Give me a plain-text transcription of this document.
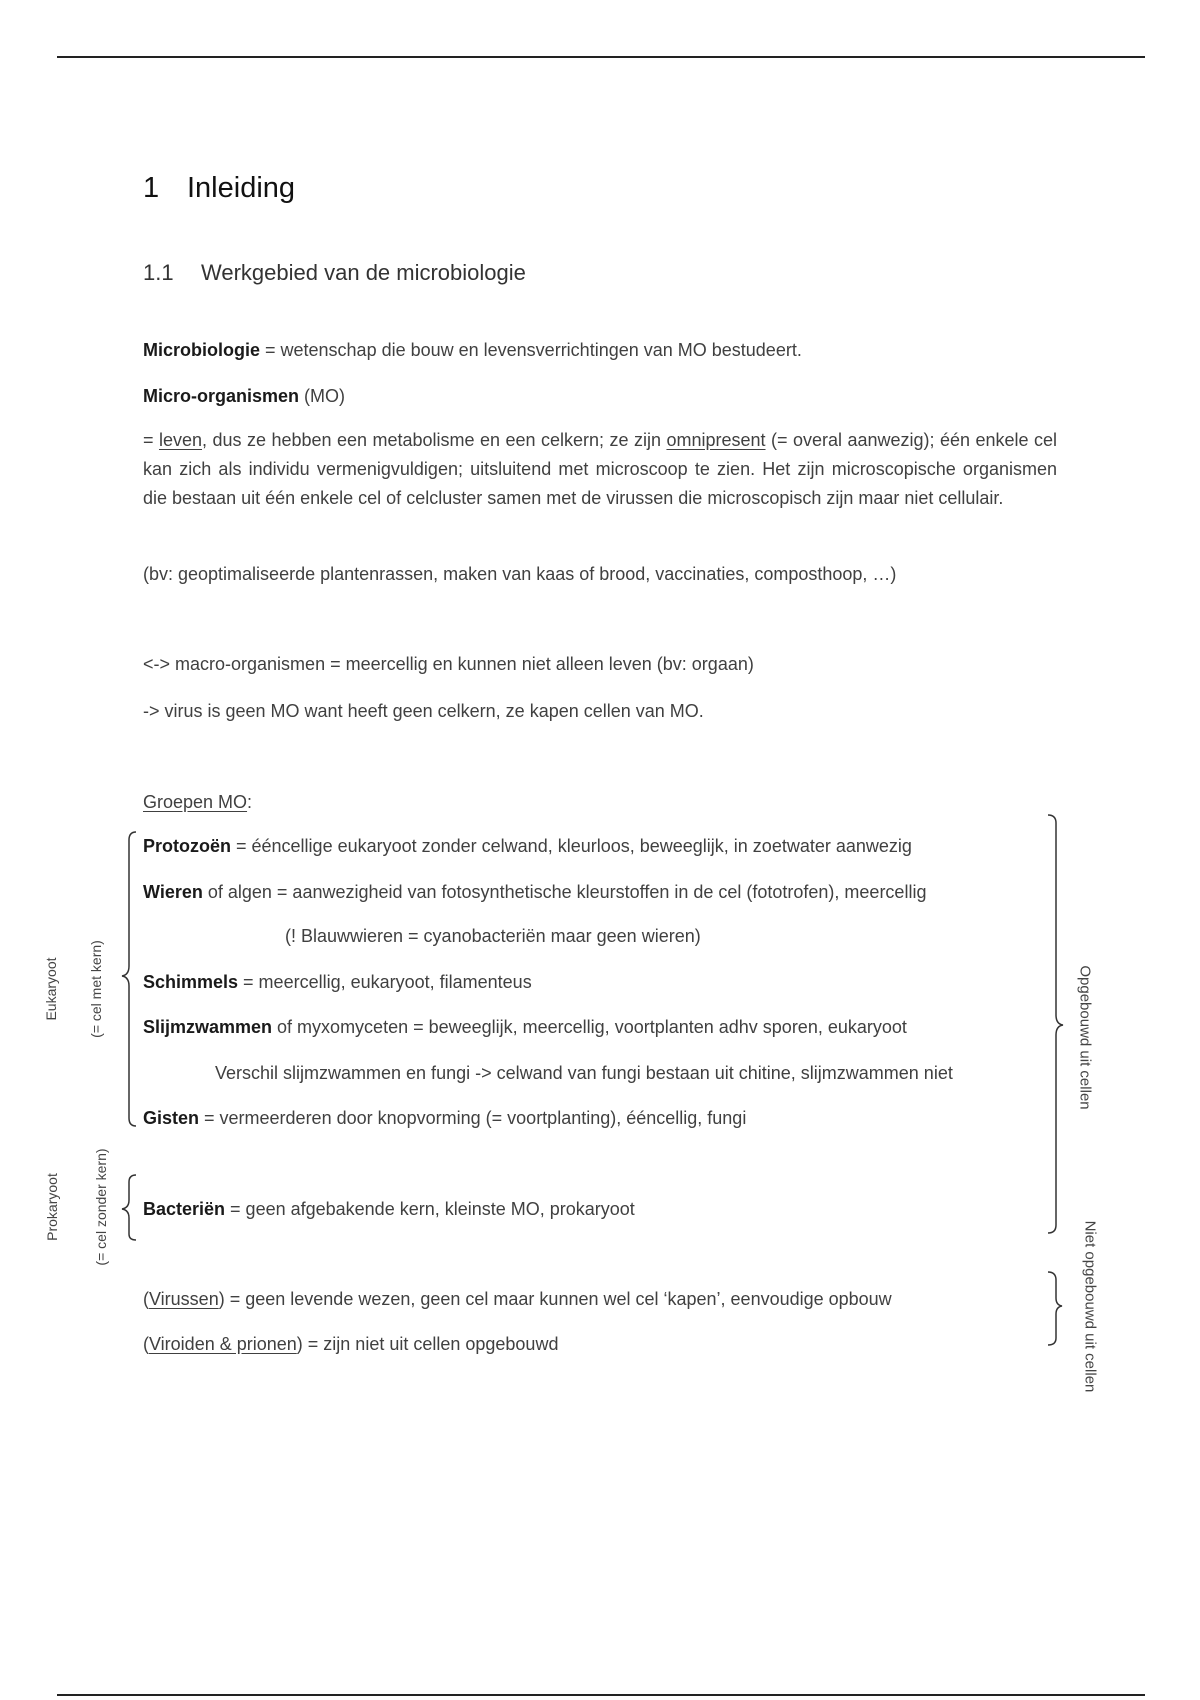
1 Inleiding
1.1 Werkgebied van de microbiologie
Microbiologie = wetenschap die bouw en levensverrichtingen van MO bestudeert.
Micro-organismen (MO)
= leven, dus ze hebben een metabolisme en een celkern; ze zijn omnipresent (= overal aanwezig); één enkele cel kan zich als individu vermenigvuldigen; uitsluitend met microscoop te zien. Het zijn microscopische organismen die bestaan uit één enkele cel of celcluster samen met de virussen die microscopisch zijn maar niet cellulair.
(bv: geoptimaliseerde plantenrassen, maken van kaas of brood, vaccinaties, composthoop, …)
<-> macro-organismen = meercellig en kunnen niet alleen leven (bv: orgaan)
-> virus is geen MO want heeft geen celkern, ze kapen cellen van MO.
Groepen MO:
Protozoën = ééncellige eukaryoot zonder celwand, kleurloos, beweeglijk, in zoetwater aanwezig
Wieren of algen = aanwezigheid van fotosynthetische kleurstoffen in de cel (fototrofen), meercellig
(! Blauwwieren = cyanobacteriën maar geen wieren)
Schimmels = meercellig, eukaryoot, filamenteus
Slijmzwammen of myxomyceten = beweeglijk, meercellig, voortplanten adhv sporen, eukaryoot
Verschil slijmzwammen en fungi -> celwand van fungi bestaan uit chitine, slijmzwammen niet
Gisten = vermeerderen door knopvorming (= voortplanting), ééncellig, fungi
Bacteriën = geen afgebakende kern, kleinste MO, prokaryoot
(Virussen) = geen levende wezen, geen cel maar kunnen wel cel ‘kapen’, eenvoudige opbouw
(Viroiden & prionen) = zijn niet uit cellen opgebouwd
Eukaryoot (= cel met kern)
Prokaryoot (= cel zonder kern)
Opgebouwd uit cellen
Niet opgebouwd uit cellen
